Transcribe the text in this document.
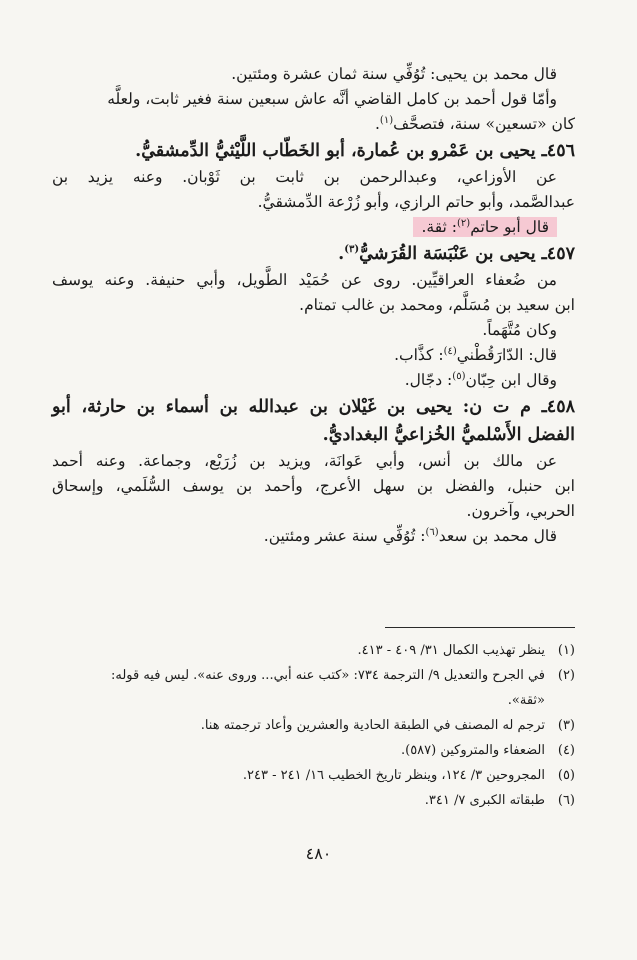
قال محمد بن يحيى: تُوُفِّي سنة ثمان عشرة ومئتين.
وأمّا قول أحمد بن كامل القاضي أنَّه عاش سبعين سنة فغير ثابت، ولعلَّه
كان «تسعين» سنة، فتصحَّف$^{(١)}$.
٤٥٦ـ يحيى بن عَمْرو بن عُمارة، أبو الخَطّاب اللَّيْثيُّ الدِّمشقيُّ.
عن الأوزاعي، وعبدالرحمن بن ثابت بن ثَوْبان. وعنه يزيد بن
عبدالصَّمد، وأبو حاتم الرازي، وأبو زُرْعة الدِّمشقيُّ.
قال أبو حاتم$^{(٢)}$: ثقة.
٤٥٧ـ يحيى بن عَنْبَسَة القُرَشيُّ$^{(٣)}$.
من ضُعفاء العراقيِّين. روى عن حُمَيْد الطَّويل، وأبي حنيفة. وعنه يوسف
ابن سعيد بن مُسَلَّم، ومحمد بن غالب تمتام.
وكان مُتَّهَماً.
قال: الدّارَقُطْني$^{(٤)}$: كذَّاب.
وقال ابن حِبّان$^{(٥)}$: دجّال.
٤٥٨ـ م ت ن: يحيى بن غَيْلان بن عبدالله بن أسماء بن حارثة، أبو
الفضل الأَسْلميُّ الخُزاعيُّ البغداديُّ.
عن مالك بن أنس، وأبي عَوانَة، ويزيد بن زُرَيْع، وجماعة. وعنه أحمد
ابن حنبل، والفضل بن سهل الأعرج، وأحمد بن يوسف السُّلَمي، وإسحاق
الحربي، وآخرون.
قال محمد بن سعد$^{(٦)}$: تُوُفِّي سنة عشر ومئتين.
(١)
ينظر تهذيب الكمال ٣١/ ٤٠٩ - ٤١٣.
(٢)
في الجرح والتعديل ٩/ الترجمة ٧٣٤: «كتب عنه أبي... وروى عنه». ليس فيه قوله:
«ثقة».
(٣)
ترجم له المصنف في الطبقة الحادية والعشرين وأعاد ترجمته هنا.
(٤)
الضعفاء والمتروكين (٥٨٧).
(٥)
المجروحين ٣/ ١٢٤، وينظر تاريخ الخطيب ١٦/ ٢٤١ - ٢٤٣.
(٦)
طبقاته الكبرى ٧/ ٣٤١.
٤٨٠
